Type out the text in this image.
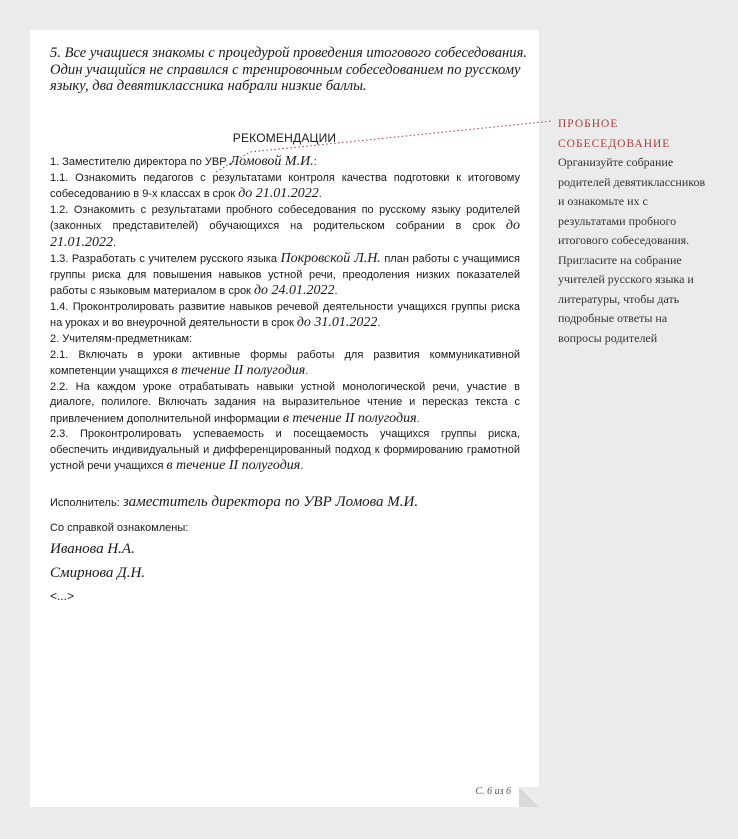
5. Все учащиеся знакомы с процедурой проведения итогового собеседования. Один учащийся не справился с тренировочным собеседованием по русскому языку, два девятиклассника набрали низкие баллы.
РЕКОМЕНДАЦИИ

1. Заместителю директора по УВР Ломовой М.И.:

1.1. Ознакомить педагогов с результатами контроля качества подготовки к итоговому собеседованию в 9-х классах в срок до 21.01.2022.

1.2. Ознакомить с результатами пробного собеседования по русскому языку родителей (законных представителей) обучающихся на родительском собрании в срок до 21.01.2022.

1.3. Разработать с учителем русского языка Покровской Л.Н. план работы с учащимися группы риска для повышения навыков устной речи, преодоления низких показателей работы с языковым материалом в срок до 24.01.2022.

1.4. Проконтролировать развитие навыков речевой деятельности учащихся группы риска на уроках и во внеурочной деятельности в срок до 31.01.2022.

2. Учителям-предметникам:

2.1. Включать в уроки активные формы работы для развития коммуникативной компетенции учащихся в течение II полугодия.

2.2. На каждом уроке отрабатывать навыки устной монологической речи, участие в диалоге, полилоге. Включать задания на выразительное чтение и пересказ текста с привлечением дополнительной информации в течение II полугодия.

2.3. Проконтролировать успеваемость и посещаемость учащихся группы риска, обеспечить индивидуальный и дифференцированный подход к формированию грамотной устной речи учащихся в течение II полугодия.

Исполнитель: заместитель директора по УВР Ломова М.И.
Со справкой ознакомлены:
Иванова Н.А.
Смирнова Д.Н.
<...>
С. 6 из 6
ПРОБНОЕ СОБЕСЕДОВАНИЕ
Организуйте собрание родителей девятиклассников и ознакомьте их с результатами пробного итогового собеседования. Пригласите на собрание учителей русского языка и литературы, чтобы дать подробные ответы на вопросы родителей
